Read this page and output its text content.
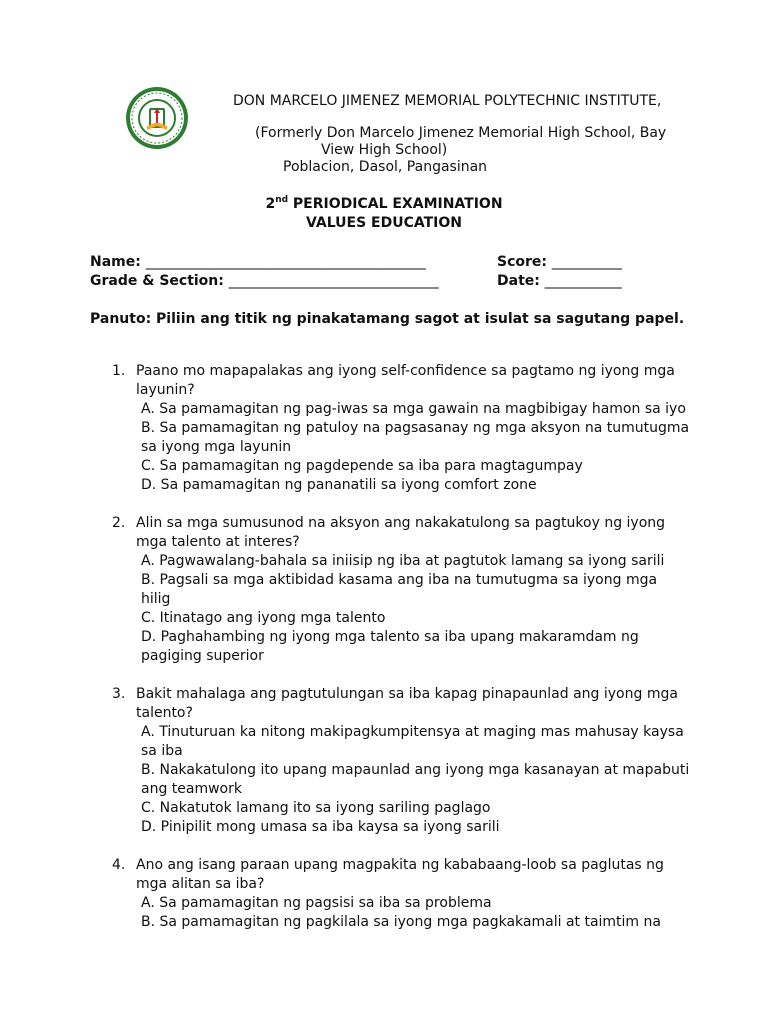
DON MARCELO JIMENEZ MEMORIAL POLYTECHNIC INSTITUTE,
(Formerly Don Marcelo Jimenez Memorial High School, Bay
View High School)
Poblacion, Dasol, Pangasinan
2nd PERIODICAL EXAMINATION
VALUES EDUCATION
Name: ________________________________________
Grade & Section: ______________________________
Score: __________
Date: ___________
Panuto: Piliin ang titik ng pinakatamang sagot at isulat sa sagutang papel.
1. Paano mo mapapalakas ang iyong self-confidence sa pagtamo ng iyong mga layunin?
A. Sa pamamagitan ng pag-iwas sa mga gawain na magbibigay hamon sa iyo
B. Sa pamamagitan ng patuloy na pagsasanay ng mga aksyon na tumutugma sa iyong mga layunin
C. Sa pamamagitan ng pagdepende sa iba para magtagumpay
D. Sa pamamagitan ng pananatili sa iyong comfort zone
2. Alin sa mga sumusunod na aksyon ang nakakatulong sa pagtukoy ng iyong mga talento at interes?
A. Pagwawalang-bahala sa iniisip ng iba at pagtutok lamang sa iyong sarili
B. Pagsali sa mga aktibidad kasama ang iba na tumutugma sa iyong mga hilig
C. Itinatago ang iyong mga talento
D. Paghahambing ng iyong mga talento sa iba upang makaramdam ng pagiging superior
3. Bakit mahalaga ang pagtutulungan sa iba kapag pinapaunlad ang iyong mga talento?
A. Tinuturuan ka nitong makipagkumpitensya at maging mas mahusay kaysa sa iba
B. Nakakatulong ito upang mapaunlad ang iyong mga kasanayan at mapabuti ang teamwork
C. Nakatutok lamang ito sa iyong sariling paglago
D. Pinipilit mong umasa sa iba kaysa sa iyong sarili
4. Ano ang isang paraan upang magpakita ng kababaang-loob sa paglutas ng mga alitan sa iba?
A. Sa pamamagitan ng pagsisi sa iba sa problema
B. Sa pamamagitan ng pagkilala sa iyong mga pagkakamali at taimtim na
